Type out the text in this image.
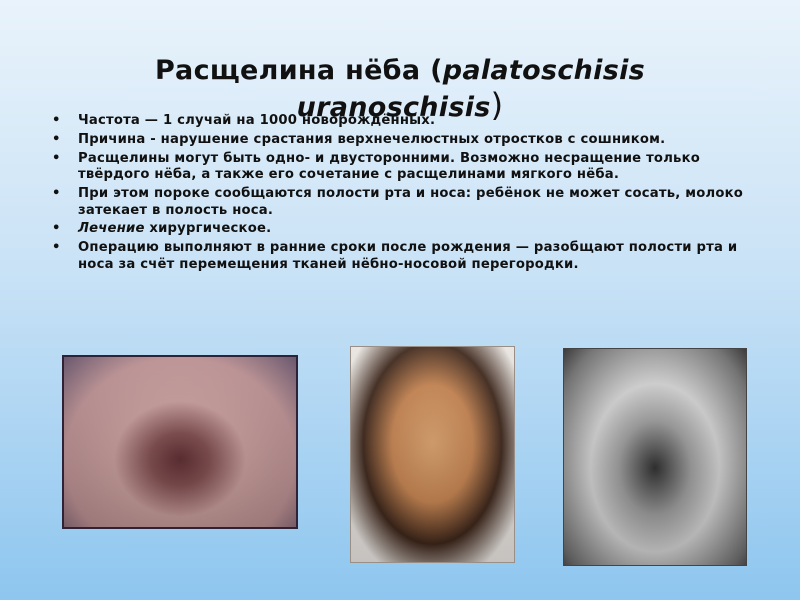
Расщелина нёба (palatoschisis
uranoschisis)
• Частота — 1 случай на 1000 новорождённых.
• Причина - нарушение срастания верхнечелюстных отростков с сошником.
• Расщелины могут быть одно- и двусторонними. Возможно несращение только твёрдого нёба, а также его сочетание с расщелинами мягкого нёба.
• При этом пороке сообщаются полости рта и носа: ребёнок не может сосать, молоко затекает в полость носа.
• Лечение хирургическое.
• Операцию выполняют в ранние сроки после рождения — разобщают полости рта и носа за счёт перемещения тканей нёбно-носовой перегородки.
